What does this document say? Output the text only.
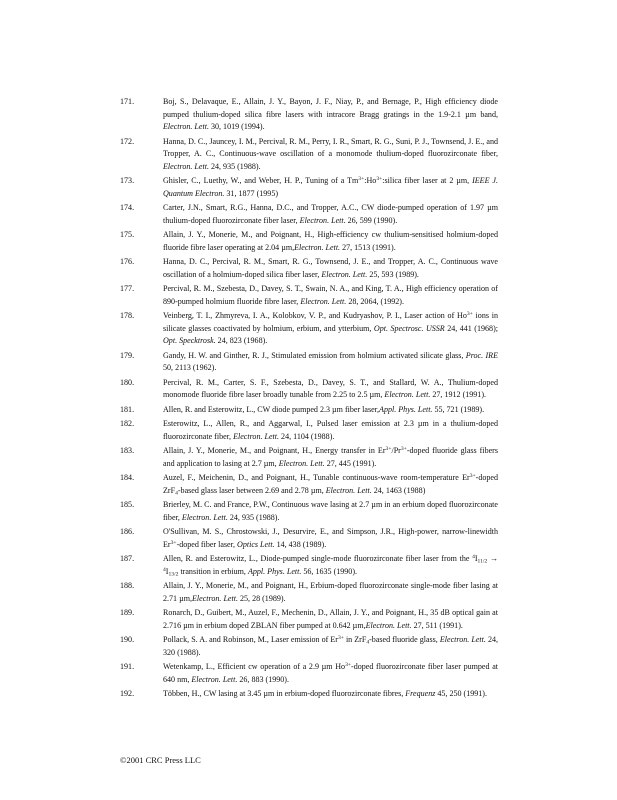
171.	Boj, S., Delavaque, E., Allain, J. Y., Bayon, J. F., Niay, P., and Bernage, P., High efficiency diode pumped thulium-doped silica fibre lasers with intracore Bragg gratings in the 1.9-2.1 µm band, Electron. Lett. 30, 1019 (1994).
172.	Hanna, D. C., Jauncey, I. M., Percival, R. M., Perry, I. R., Smart, R. G., Suni, P. J., Townsend, J. E., and Tropper, A. C., Continuous-wave oscillation of a monomode thulium-doped fluorozirconate fiber, Electron. Lett. 24, 935 (1988).
173.	Ghisler, C., Luethy, W., and Weber, H. P., Tuning of a $Tm^{3+}:Ho^{3+}:silica$ fiber laser at 2 µm, IEEE J. Quantum Electron. 31, 1877 (1995)
174.	Carter, J.N., Smart, R.G., Hanna, D.C., and Tropper, A.C., CW diode-pumped operation of 1.97 µm thulium-doped fluorozirconate fiber laser, Electron. Lett. 26, 599 (1990).
175.	Allain, J. Y., Monerie, M., and Poignant, H., High-efficiency cw thulium-sensitised holmium-doped fluoride fibre laser operating at 2.04 µm,Electron. Lett. 27, 1513 (1991).
176.	Hanna, D. C., Percival, R. M., Smart, R. G., Townsend, J. E., and Tropper, A. C., Continuous wave oscillation of a holmium-doped silica fiber laser, Electron. Lett. 25, 593 (1989).
177.	Percival, R. M., Szebesta, D., Davey, S. T., Swain, N. A., and King, T. A., High efficiency operation of 890-pumped holmium fluoride fibre laser, Electron. Lett. 28, 2064, (1992).
178.	Veinberg, T. I., Zhmyreva, I. A., Kolobkov, V. P., and Kudryashov, P. I., Laser action of $Ho^{3+}$ ions in silicate glasses coactivated by holmium, erbium, and ytterbium, Opt. Spectrosc. USSR 24, 441 (1968); Opt. Specktrosk. 24, 823 (1968).
179.	Gandy, H. W. and Ginther, R. J., Stimulated emission from holmium activated silicate glass, Proc. IRE 50, 2113 (1962).
180.	Percival, R. M., Carter, S. F., Szebesta, D., Davey, S. T., and Stallard, W. A., Thulium-doped monomode fluoride fibre laser broadly tunable from 2.25 to 2.5 µm, Electron. Lett. 27, 1912 (1991).
181.	Allen, R. and Esterowitz, L., CW diode pumped 2.3 µm fiber laser,Appl. Phys. Lett. 55, 721 (1989).
182.	Esterowitz, L., Allen, R., and Aggarwal, I., Pulsed laser emission at 2.3 µm in a thulium-doped fluorozirconate fiber, Electron. Lett. 24, 1104 (1988).
183.	Allain, J. Y., Monerie, M., and Poignant, H., Energy transfer in $Er^{3+}/Pr^{3+}$-doped fluoride glass fibers and application to lasing at 2.7 µm, Electron. Lett. 27, 445 (1991).
184.	Auzel, F., Meichenin, D., and Poignant, H., Tunable continuous-wave room-temperature $Er^{3+}$-doped ZrF$_4$-based glass laser between 2.69 and 2.78 µm, Electron. Lett. 24, 1463 (1988)
185.	Brierley, M. C. and France, P.W., Continuous wave lasing at 2.7 µm in an erbium doped fluorozirconate fiber, Electron. Lett. 24, 935 (1988).
186.	O'Sullivan, M. S., Chrostowski, J., Desurvire, E., and Simpson, J.R., High-power, narrow-linewidth $Er^{3+}$-doped fiber laser, Optics Lett. 14, 438 (1989).
187.	Allen, R. and Esterowitz, L., Diode-pumped single-mode fluorozirconate fiber laser from the $^4I_{11/2} \to ^4I_{13/2}$ transition in erbium, Appl. Phys. Lett. 56, 1635 (1990).
188.	Allain, J. Y., Monerie, M., and Poignant, H., Erbium-doped fluorozirconate single-mode fiber lasing at 2.71 µm,Electron. Lett. 25, 28 (1989).
189.	Ronarch, D., Guibert, M., Auzel, F., Mechenin, D., Allain, J. Y., and Poignant, H., 35 dB optical gain at 2.716 µm in erbium doped ZBLAN fiber pumped at 0.642 µm,Electron. Lett. 27, 511 (1991).
190.	Pollack, S. A. and Robinson, M., Laser emission of $Er^{3+}$ in ZrF$_4$-based fluoride glass, Electron. Lett. 24, 320 (1988).
191.	Wetenkamp, L., Efficient cw operation of a 2.9 µm $Ho^{3+}$-doped fluorozirconate fiber laser pumped at 640 nm, Electron. Lett. 26, 883 (1990).
192.	Többen, H., CW lasing at 3.45 µm in erbium-doped fluorozirconate fibres, Frequenz 45, 250 (1991).
©2001 CRC Press LLC
